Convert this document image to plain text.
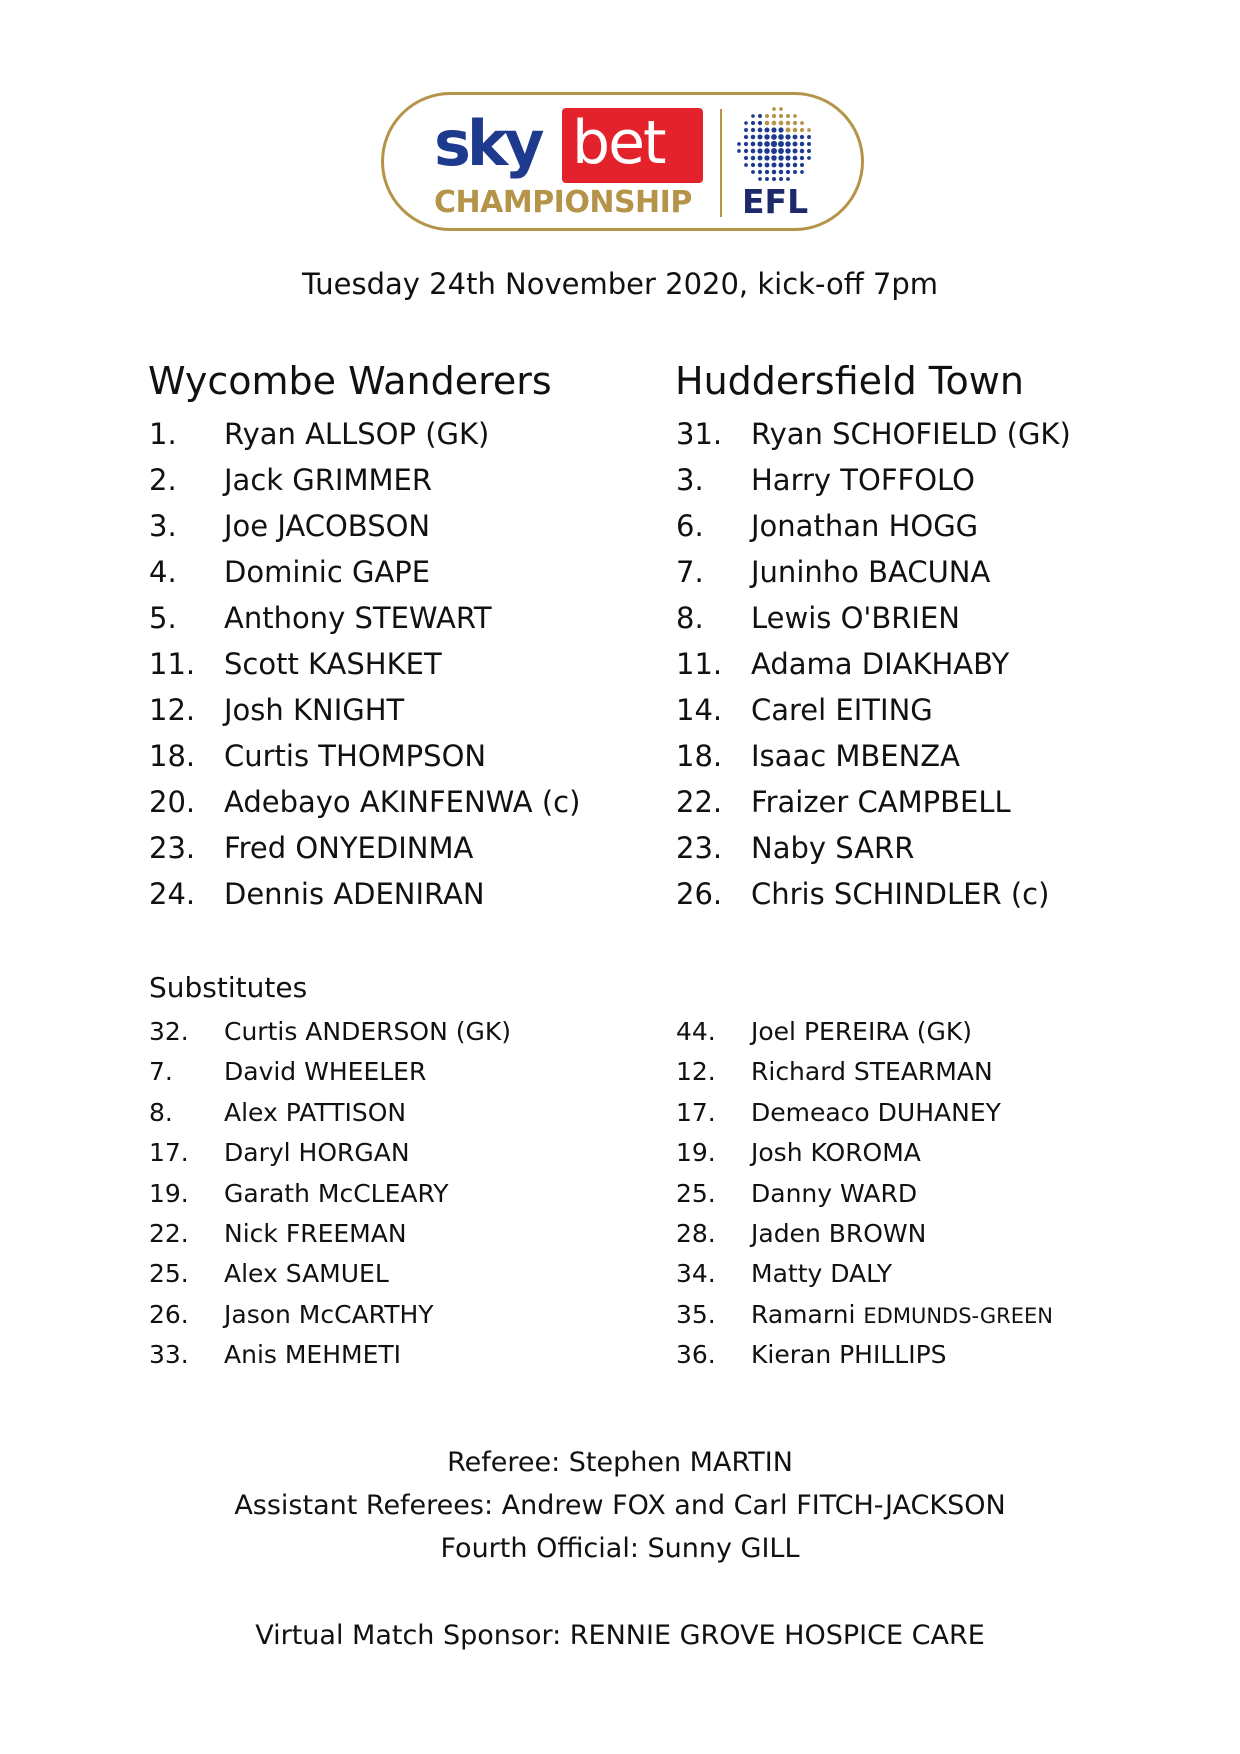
sky bet
CHAMPIONSHIP EFL
Tuesday 24th November 2020, kick-off 7pm
Wycombe Wanderers	Huddersfield Town
1. Ryan ALLSOP (GK)
2. Jack GRIMMER
3. Joe JACOBSON
4. Dominic GAPE
5. Anthony STEWART
11. Scott KASHKET
12. Josh KNIGHT
18. Curtis THOMPSON
20. Adebayo AKINFENWA (c)
23. Fred ONYEDINMA
24. Dennis ADENIRAN
31. Ryan SCHOFIELD (GK)
3. Harry TOFFOLO
6. Jonathan HOGG
7. Juninho BACUNA
8. Lewis O'BRIEN
11. Adama DIAKHABY
14. Carel EITING
18. Isaac MBENZA
22. Fraizer CAMPBELL
23. Naby SARR
26. Chris SCHINDLER (c)
Substitutes
32. Curtis ANDERSON (GK)
7. David WHEELER
8. Alex PATTISON
17. Daryl HORGAN
19. Garath McCLEARY
22. Nick FREEMAN
25. Alex SAMUEL
26. Jason McCARTHY
33. Anis MEHMETI
44. Joel PEREIRA (GK)
12. Richard STEARMAN
17. Demeaco DUHANEY
19. Josh KOROMA
25. Danny WARD
28. Jaden BROWN
34. Matty DALY
35. Ramarni EDMUNDS-GREEN
36. Kieran PHILLIPS
Referee: Stephen MARTIN
Assistant Referees: Andrew FOX and Carl FITCH-JACKSON
Fourth Official: Sunny GILL
Virtual Match Sponsor: RENNIE GROVE HOSPICE CARE
